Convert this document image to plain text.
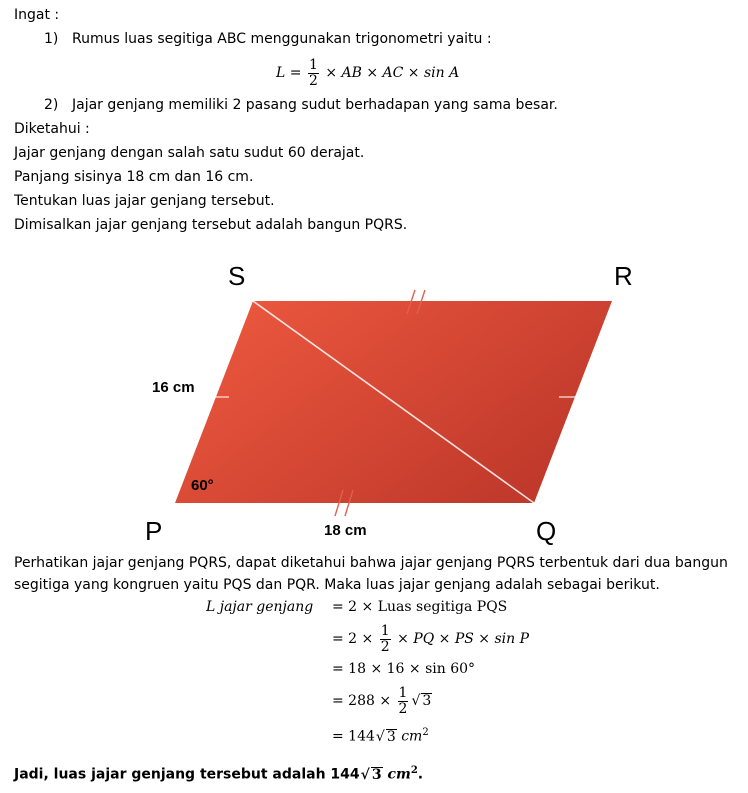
Ingat :
1) Rumus luas segitiga ABC menggunakan trigonometri yaitu :
$L = \frac{1}{2}$ × AB × AC × sin A
2) Jajar genjang memiliki 2 pasang sudut berhadapan yang sama besar.
Diketahui :
Jajar genjang dengan salah satu sudut 60 derajat.
Panjang sisinya 18 cm dan 16 cm.
Tentukan luas jajar genjang tersebut.
Dimisalkan jajar genjang tersebut adalah bangun PQRS.
S	R
P	Q
16 cm
18 cm
60°
Perhatikan jajar genjang PQRS, dapat diketahui bahwa jajar genjang PQRS terbentuk dari dua bangun
segitiga yang kongruen yaitu PQS dan PQR. Maka luas jajar genjang adalah sebagai berikut.
L jajar genjang = 2 × Luas segitiga PQS
= $2 \times \frac{1}{2}$ × PQ × PS × sin P
= 18 × 16 × sin 60°
= $288 \times \frac{1}{2}$ √ 3
= 144√ 3 $cm^2$
Jadi, luas jajar genjang tersebut adalah 144√ 3 $cm^2$.
